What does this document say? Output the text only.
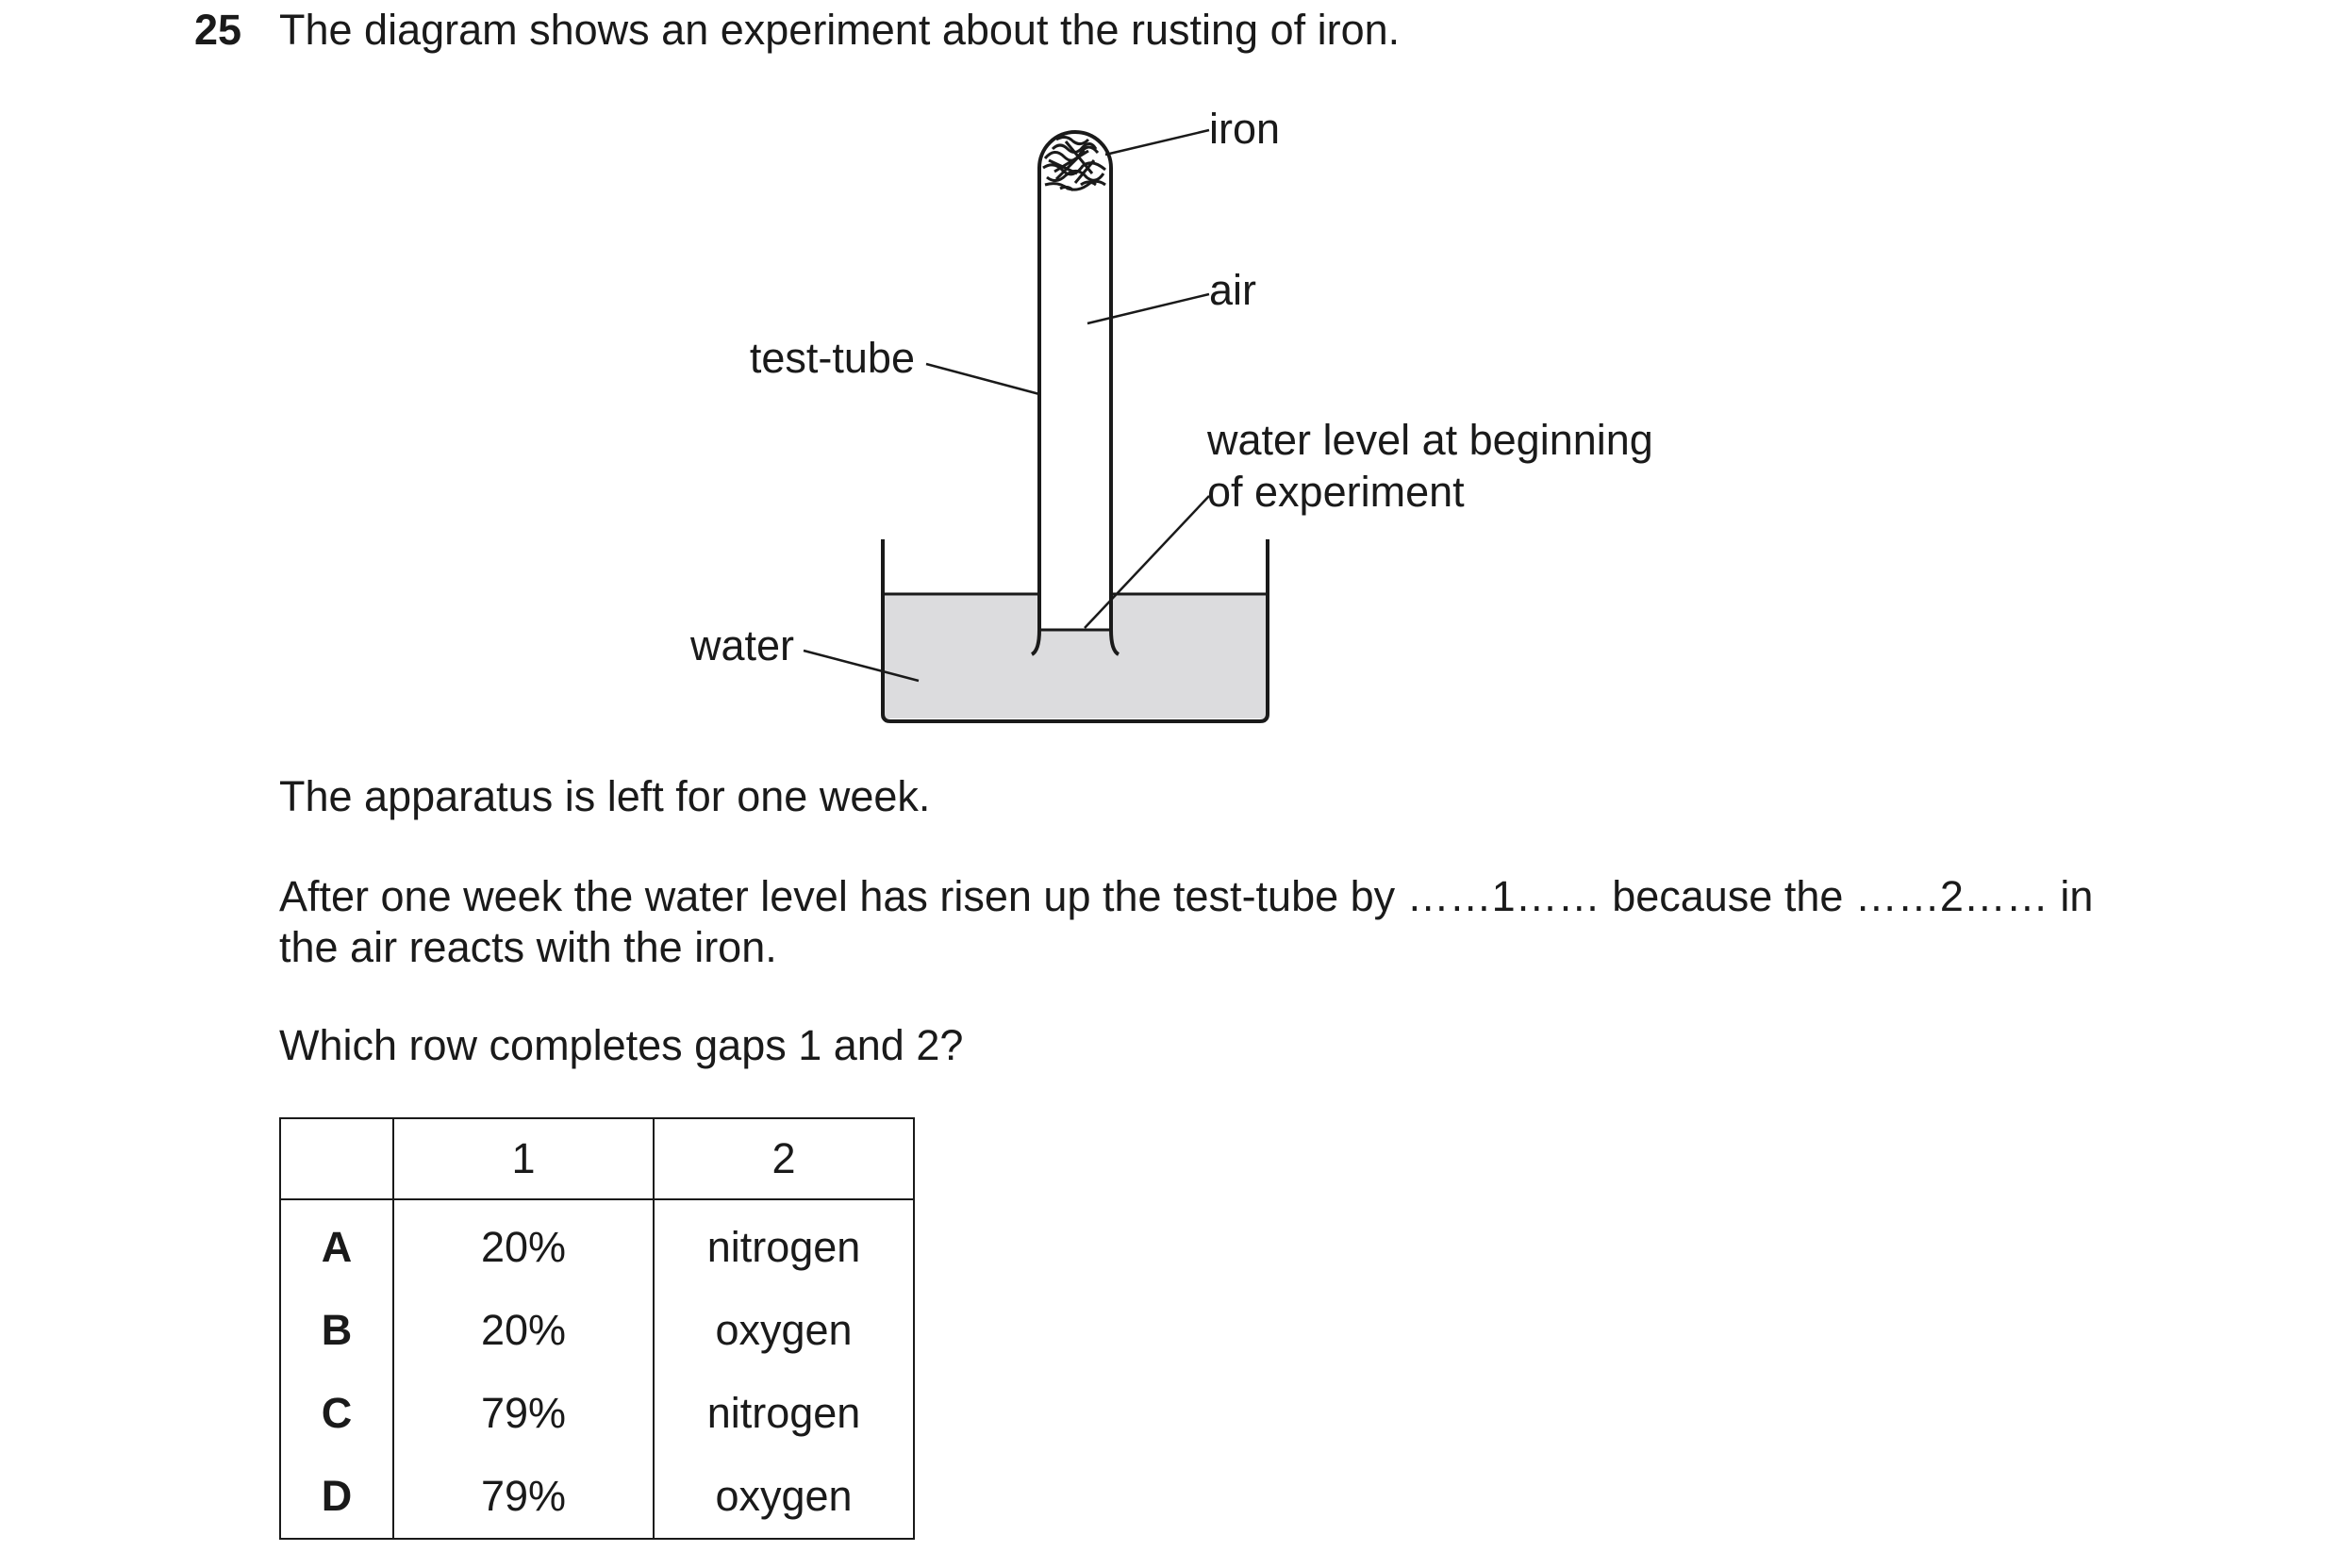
25 The diagram shows an experiment about the rusting of iron.
iron
air
test-tube
water level at beginning
of experiment
water
The apparatus is left for one week.
After one week the water level has risen up the test-tube by ……1…… because the ……2…… in
the air reacts with the iron.
Which row completes gaps 1 and 2?
	1	2
A	20%	nitrogen
B	20%	oxygen
C	79%	nitrogen
D	79%	oxygen
